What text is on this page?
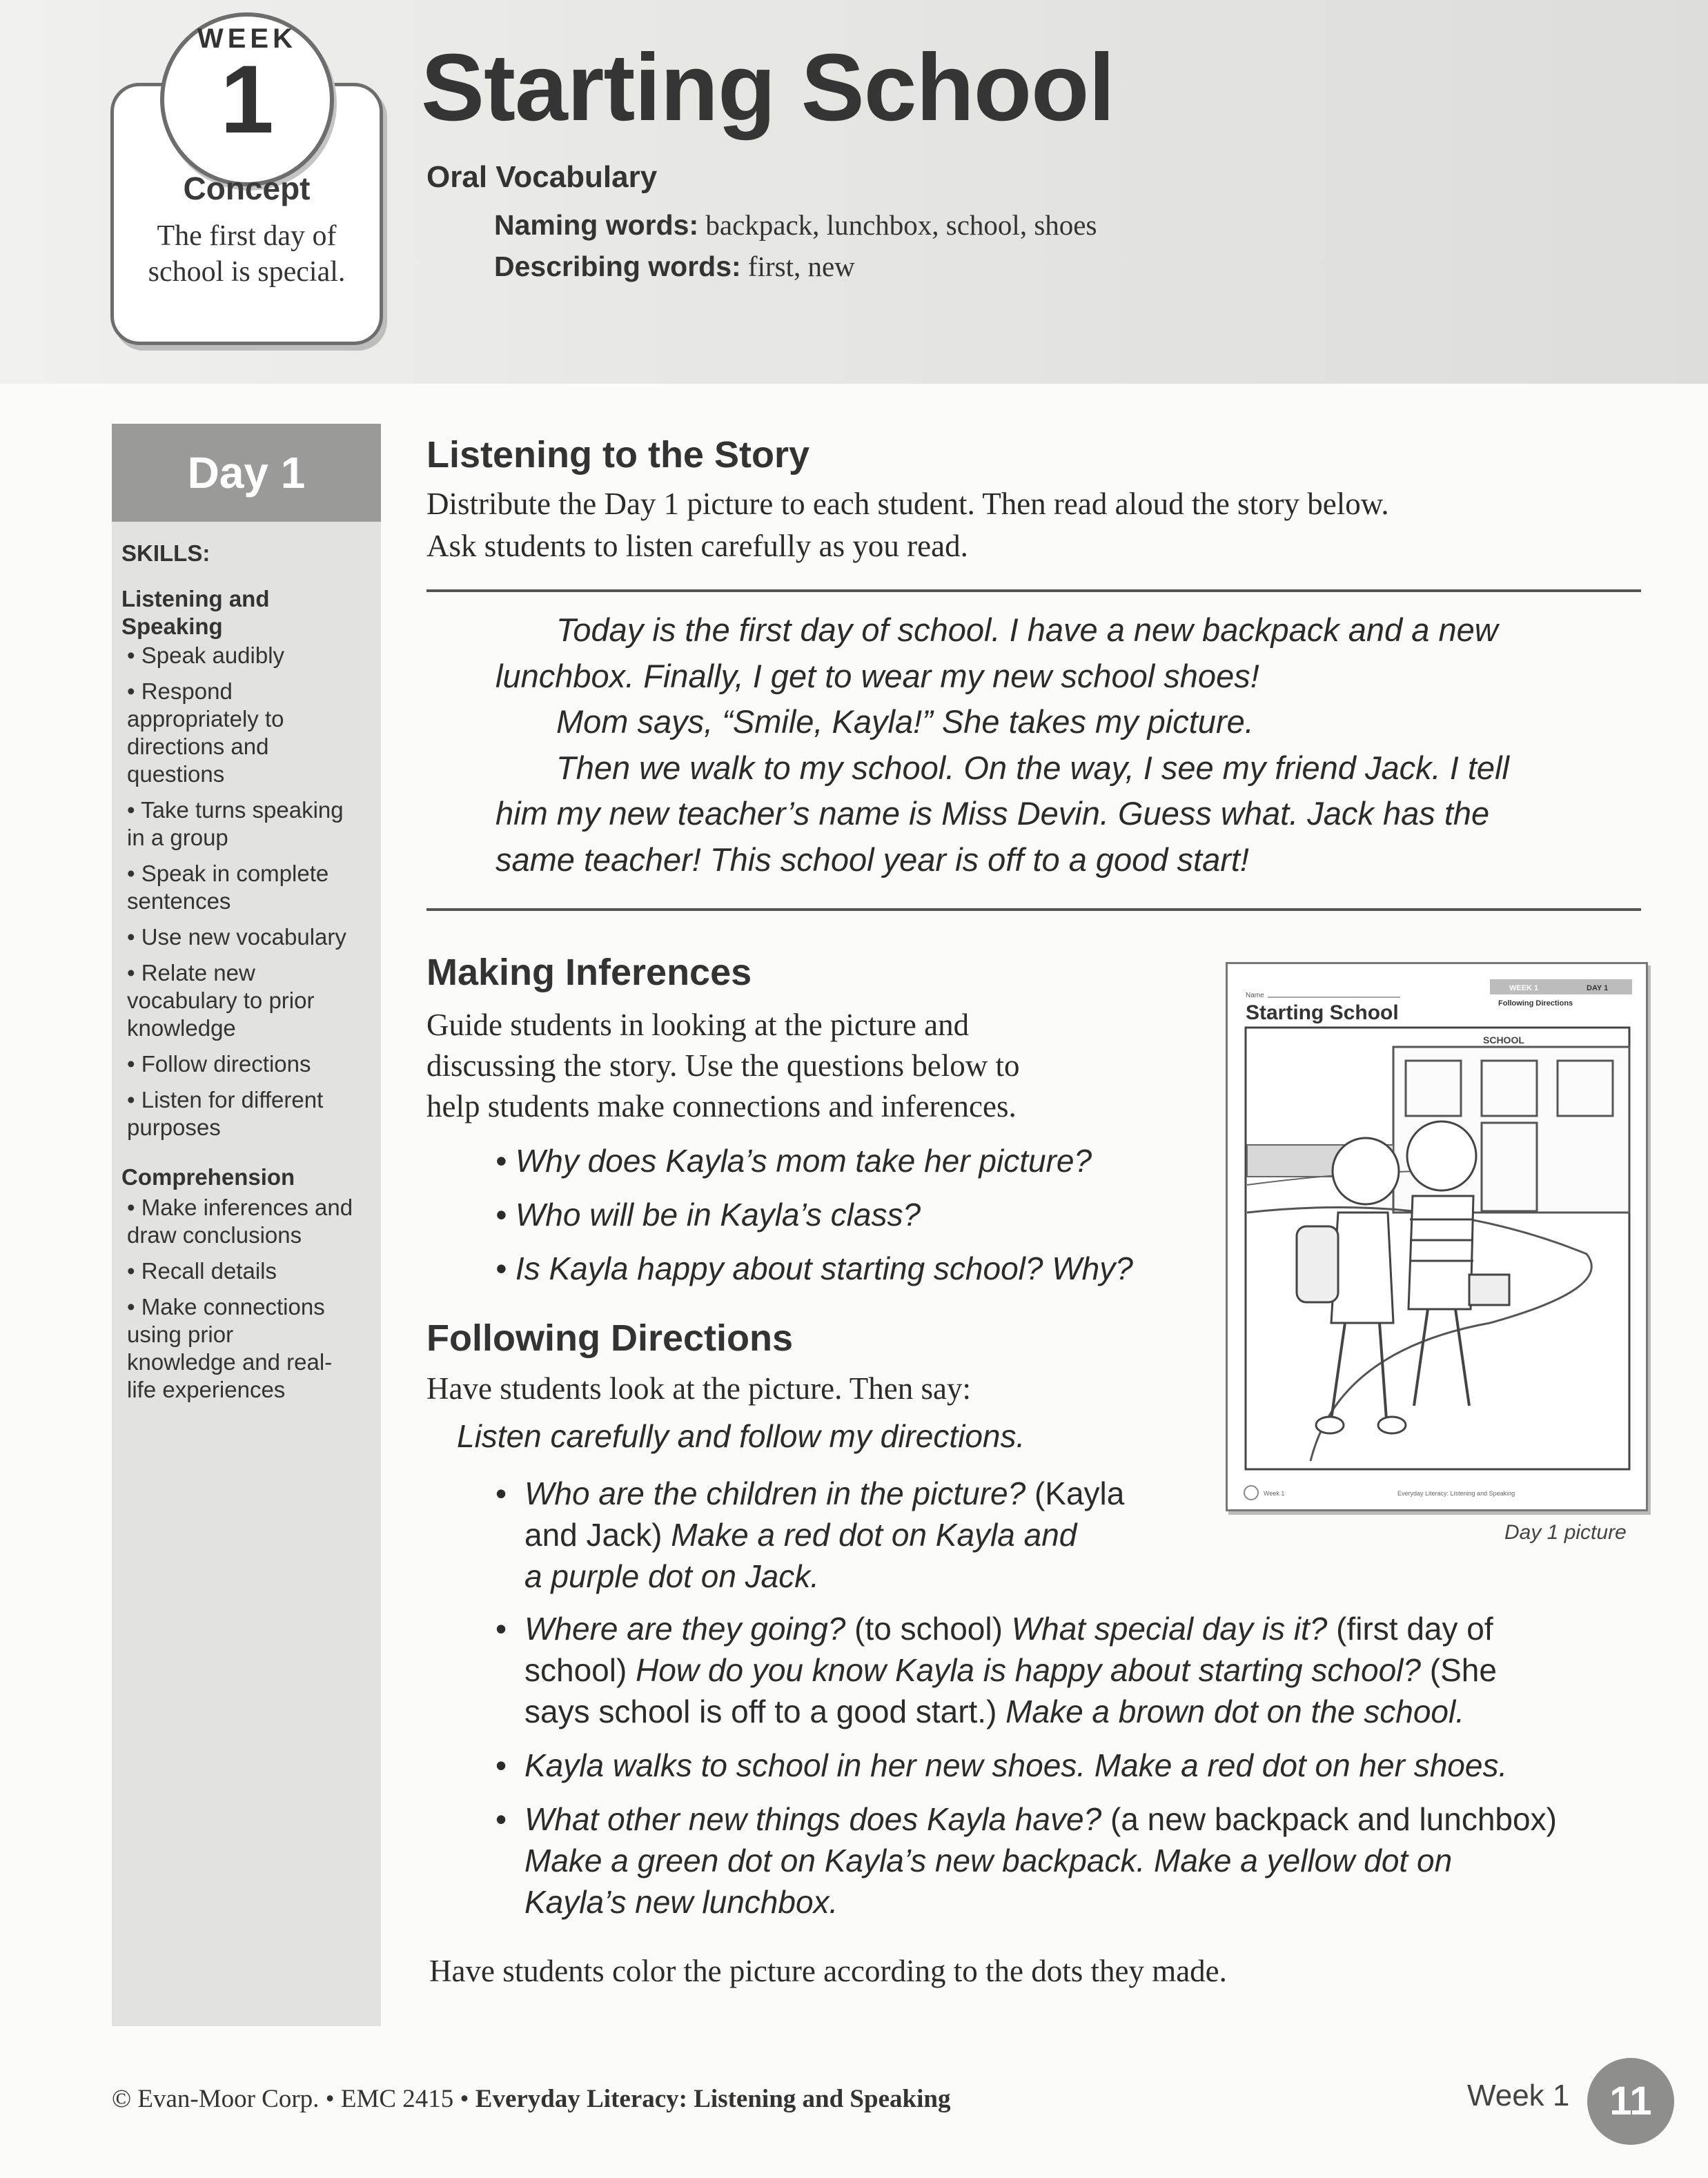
WEEK
1
Concept
The first day of
school is special.
Starting School
Oral Vocabulary
Naming words: backpack, lunchbox, school, shoes
Describing words: first, new
Day 1
SKILLS:
Listening and
Speaking
• Speak audibly
• Respond
appropriately to
directions and
questions
• Take turns speaking
in a group
• Speak in complete
sentences
• Use new vocabulary
• Relate new
vocabulary to prior
knowledge
• Follow directions
• Listen for different
purposes
Comprehension
• Make inferences and
draw conclusions
• Recall details
• Make connections
using prior
knowledge and real-
life experiences
Listening to the Story
Distribute the Day 1 picture to each student. Then read aloud the story below.
Ask students to listen carefully as you read.

Today is the first day of school. I have a new backpack and a new

lunchbox. Finally, I get to wear my new school shoes!

Mom says, “Smile, Kayla!” She takes my picture.

Then we walk to my school. On the way, I see my friend Jack. I tell

him my new teacher’s name is Miss Devin. Guess what. Jack has the

same teacher! This school year is off to a good start!

Making Inferences
Guide students in looking at the picture and
discussing the story. Use the questions below to
help students make connections and inferences.
• Why does Kayla’s mom take her picture?
• Who will be in Kayla’s class?
• Is Kayla happy about starting school? Why?
Following Directions
Have students look at the picture. Then say:
Listen carefully and follow my directions.
• Who are the children in the picture? (Kayla
and Jack) Make a red dot on Kayla and
a purple dot on Jack.
• Where are they going? (to school) What special day is it? (first day of
school) How do you know Kayla is happy about starting school? (She
says school is off to a good start.) Make a brown dot on the school.
• Kayla walks to school in her new shoes. Make a red dot on her shoes.
• What other new things does Kayla have? (a new backpack and lunchbox)
Make a green dot on Kayla’s new backpack. Make a yellow dot on
Kayla’s new lunchbox.
Have students color the picture according to the dots they made.
Name
Starting School
WEEK 1	DAY 1
Following Directions
SCHOOL
Week 1	Everyday Literacy: Listening and Speaking
Day 1 picture
© Evan-Moor Corp. • EMC 2415 • Everyday Literacy: Listening and Speaking	Week 1 11
